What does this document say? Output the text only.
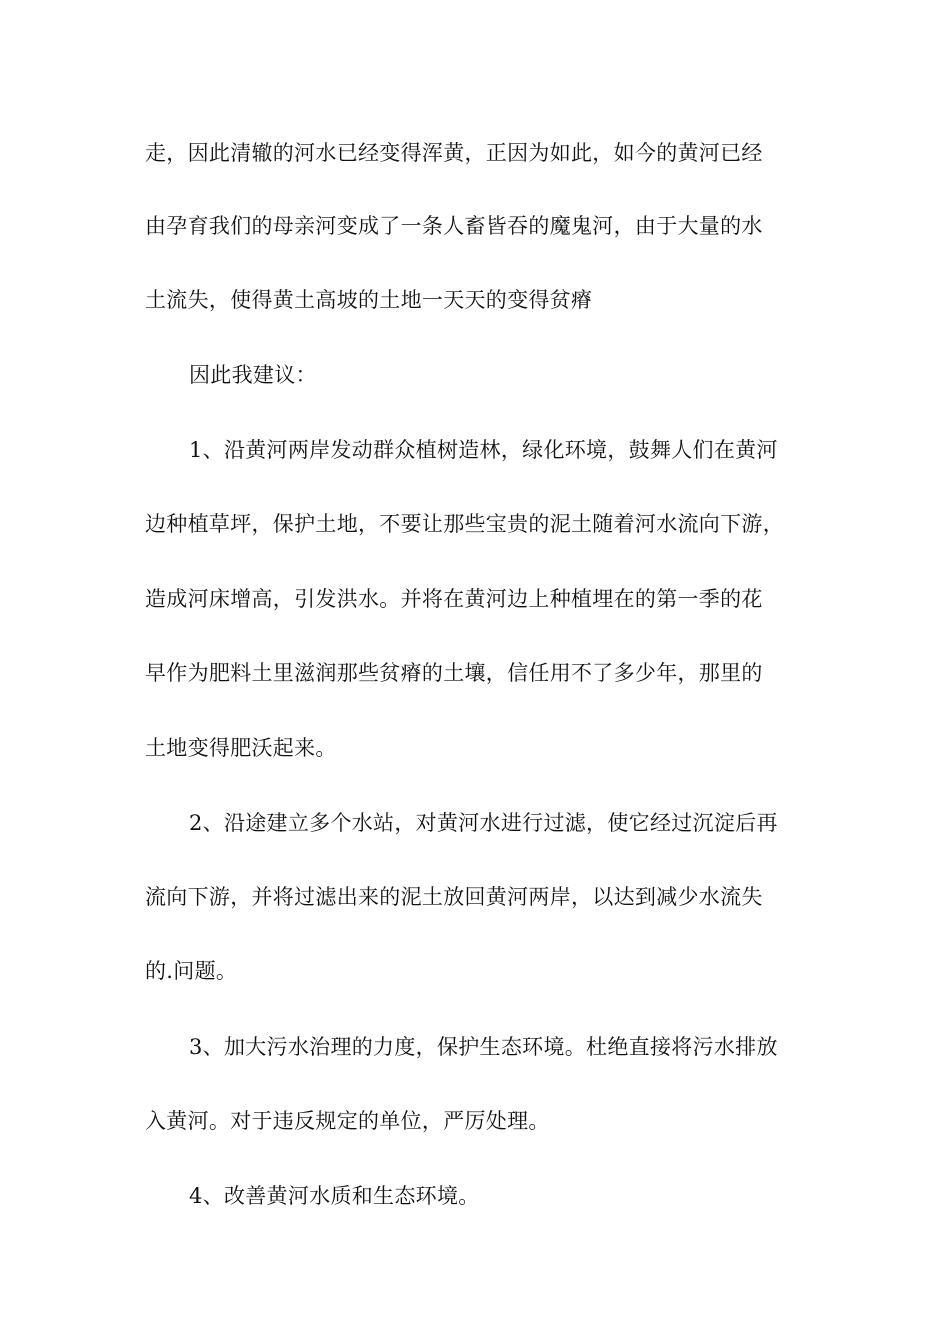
走，因此清辙的河水已经变得浑黄，正因为如此，如今的黄河已经
由孕育我们的母亲河变成了一条人畜皆吞的魔鬼河，由于大量的水
土流失，使得黄土高坡的土地一天天的变得贫瘠
因此我建议：
1、沿黄河两岸发动群众植树造林，绿化环境，鼓舞人们在黄河
边种植草坪，保护土地，不要让那些宝贵的泥土随着河水流向下游，
造成河床增高，引发洪水。并将在黄河边上种植埋在的第一季的花
早作为肥料土里滋润那些贫瘠的土壤，信任用不了多少年，那里的
土地变得肥沃起来。
2、沿途建立多个水站，对黄河水进行过滤，使它经过沉淀后再
流向下游，并将过滤出来的泥土放回黄河两岸，以达到减少水流失
的.问题。
3、加大污水治理的力度，保护生态环境。杜绝直接将污水排放
入黄河。对于违反规定的单位，严厉处理。
4、改善黄河水质和生态环境。
